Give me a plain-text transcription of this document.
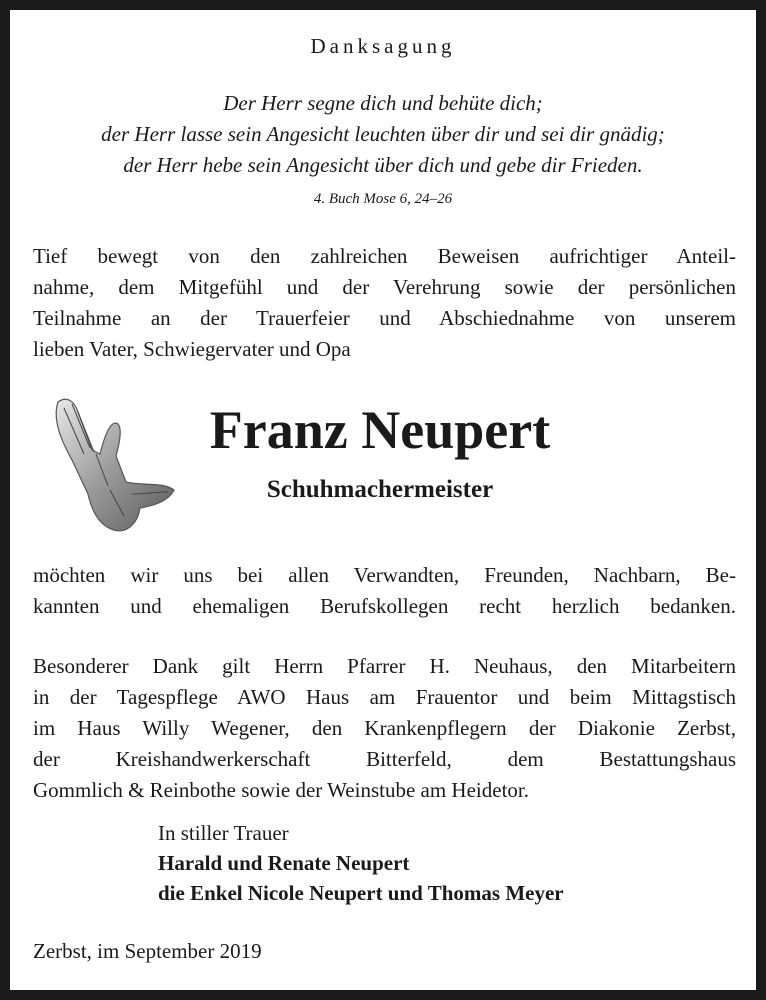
Danksagung
Der Herr segne dich und behüte dich;
der Herr lasse sein Angesicht leuchten über dir und sei dir gnädig;
der Herr hebe sein Angesicht über dich und gebe dir Frieden.
4. Buch Mose 6, 24–26
Tief bewegt von den zahlreichen Beweisen aufrichtiger Anteil-
nahme, dem Mitgefühl und der Verehrung sowie der persönlichen
Teilnahme an der Trauerfeier und Abschiednahme von unserem
lieben Vater, Schwiegervater und Opa
Franz Neupert
Schuhmachermeister
möchten wir uns bei allen Verwandten, Freunden, Nachbarn, Be-
kannten und ehemaligen Berufskollegen recht herzlich bedanken.
Besonderer Dank gilt Herrn Pfarrer H. Neuhaus, den Mitarbeitern
in der Tagespflege AWO Haus am Frauentor und beim Mittagstisch
im Haus Willy Wegener, den Krankenpflegern der Diakonie Zerbst,
der Kreishandwerkerschaft Bitterfeld, dem Bestattungshaus
Gommlich & Reinbothe sowie der Weinstube am Heidetor.
In stiller Trauer
Harald und Renate Neupert
die Enkel Nicole Neupert und Thomas Meyer
Zerbst, im September 2019
